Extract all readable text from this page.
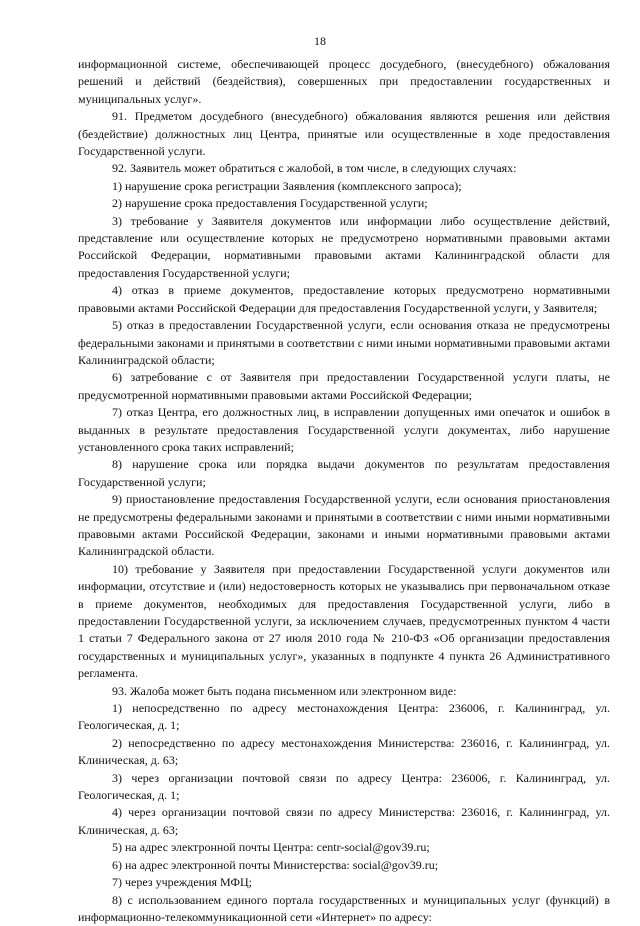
18

информационной системе, обеспечивающей процесс досудебного, (внесудебного) обжалования решений и действий (бездействия), совершенных при предоставлении государственных и муниципальных услуг».

91. Предметом досудебного (внесудебного) обжалования являются решения или действия (бездействие) должностных лиц Центра, принятые или осуществленные в ходе предоставления Государственной услуги.

92. Заявитель может обратиться с жалобой, в том числе, в следующих случаях:

1) нарушение срока регистрации Заявления (комплексного запроса);

2) нарушение срока предоставления Государственной услуги;

3) требование у Заявителя документов или информации либо осуществление действий, представление или осуществление которых не предусмотрено нормативными правовыми актами Российской Федерации, нормативными правовыми актами Калининградской области для предоставления Государственной услуги;

4) отказ в приеме документов, предоставление которых предусмотрено нормативными правовыми актами Российской Федерации для предоставления Государственной услуги, у Заявителя;

5) отказ в предоставлении Государственной услуги, если основания отказа не предусмотрены федеральными законами и принятыми в соответствии с ними иными нормативными правовыми актами Калининградской области;

6) затребование с от Заявителя при предоставлении Государственной услуги платы, не предусмотренной нормативными правовыми актами Российской Федерации;

7) отказ Центра, его должностных лиц, в исправлении допущенных ими опечаток и ошибок в выданных в результате предоставления Государственной услуги документах, либо нарушение установленного срока таких исправлений;

8) нарушение срока или порядка выдачи документов по результатам предоставления Государственной услуги;

9) приостановление предоставления Государственной услуги, если основания приостановления не предусмотрены федеральными законами и принятыми в соответствии с ними иными нормативными правовыми актами Российской Федерации, законами и иными нормативными правовыми актами Калининградской области.

10) требование у Заявителя при предоставлении Государственной услуги документов или информации, отсутствие и (или) недостоверность которых не указывались при первоначальном отказе в приеме документов, необходимых для предоставления Государственной услуги, либо в предоставлении Государственной услуги, за исключением случаев, предусмотренных пунктом 4 части 1 статьи 7 Федерального закона от 27 июля 2010 года № 210-ФЗ «Об организации предоставления государственных и муниципальных услуг», указанных в подпункте 4 пункта 26 Административного регламента.

93. Жалоба может быть подана письменном или электронном виде:

1) непосредственно по адресу местонахождения Центра: 236006, г. Калининград, ул. Геологическая, д. 1;

2) непосредственно по адресу местонахождения Министерства: 236016, г. Калининград, ул. Клиническая, д. 63;

3) через организации почтовой связи по адресу Центра: 236006, г. Калининград, ул. Геологическая, д. 1;

4) через организации почтовой связи по адресу Министерства: 236016, г. Калининград, ул. Клиническая, д. 63;

5) на адрес электронной почты Центра: centr-social@gov39.ru;

6) на адрес электронной почты Министерства: social@gov39.ru;

7) через учреждения МФЦ;

8) с использованием единого портала государственных и муниципальных услуг (функций) в информационно-телекоммуникационной сети «Интернет» по адресу:
